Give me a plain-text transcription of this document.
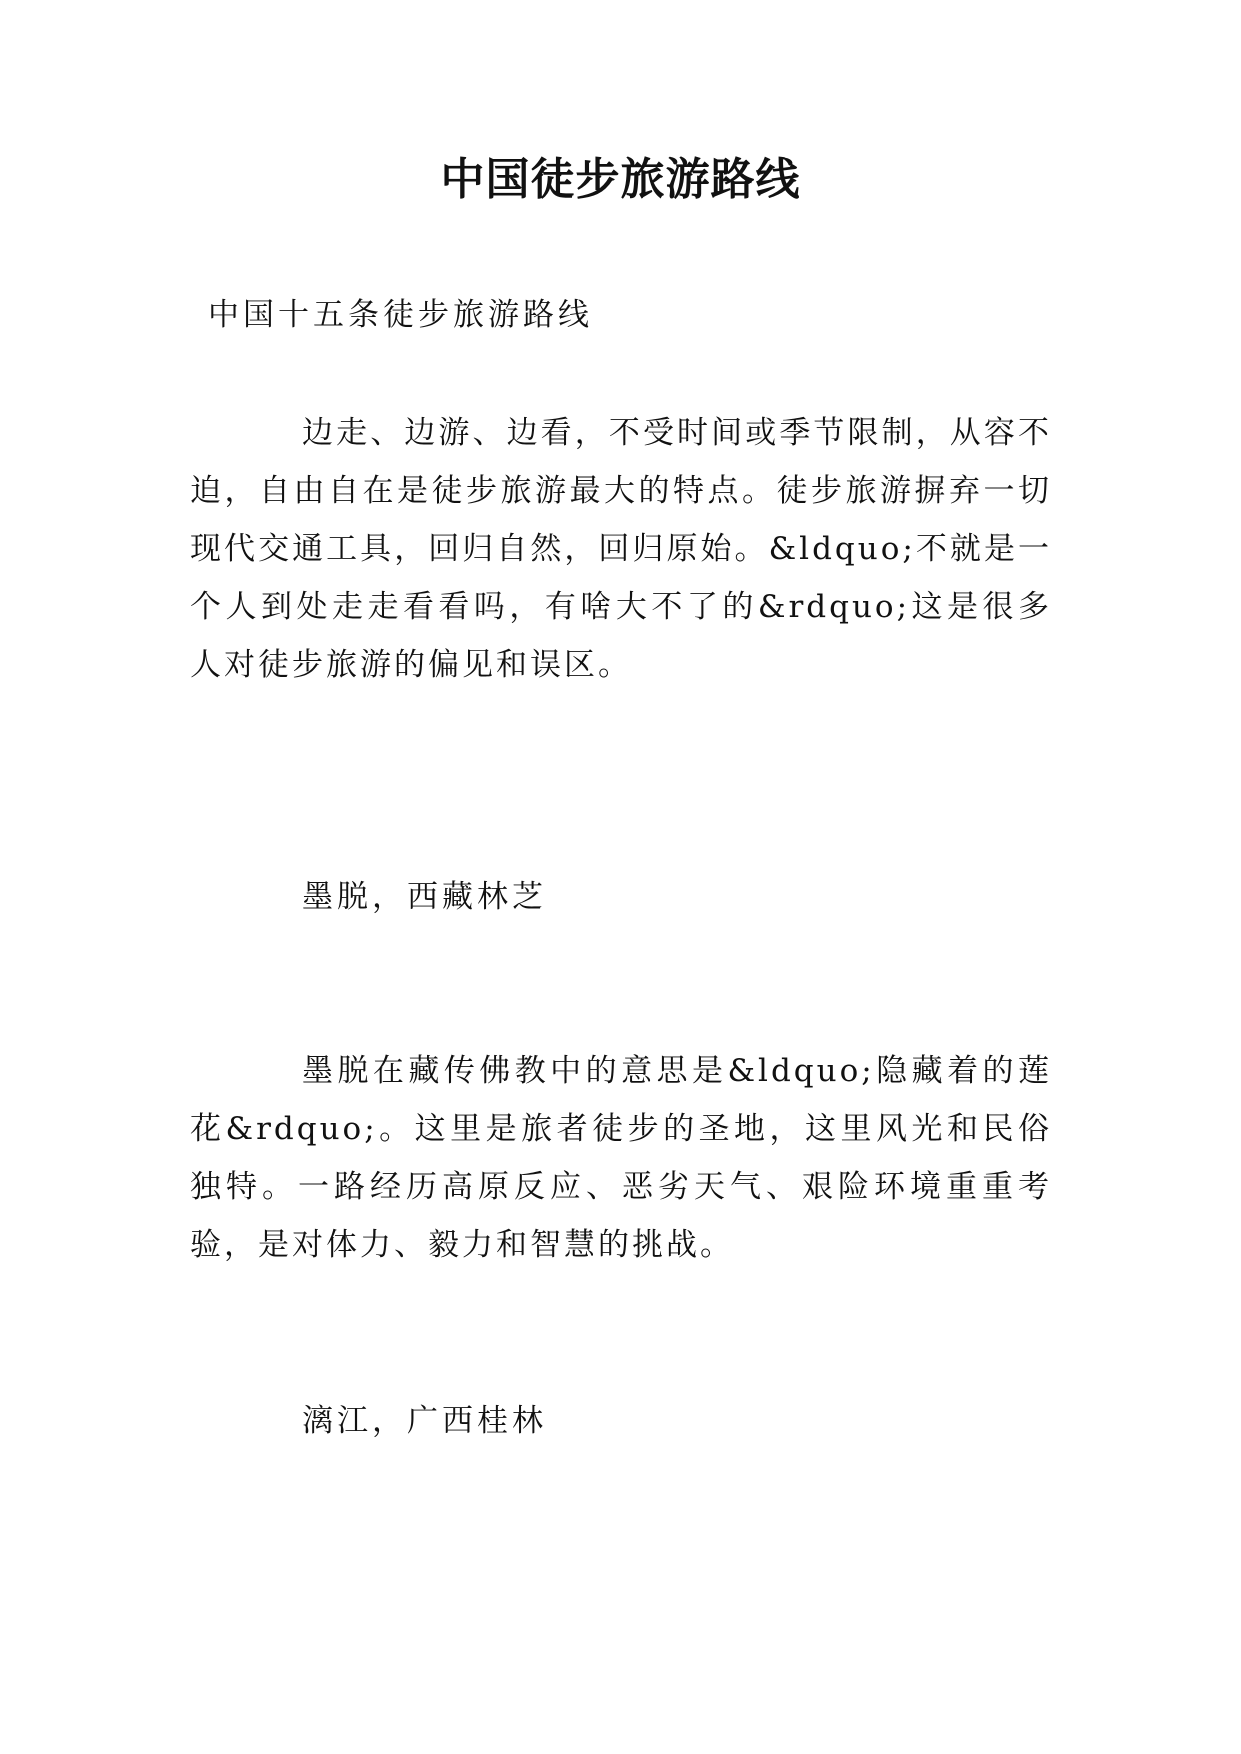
中国徒步旅游路线
中国十五条徒步旅游路线

边走、边游、边看，不受时间或季节限制，从容不迫，自由自在是徒步旅游最大的特点。徒步旅游摒弃一切现代交通工具，回归自然，回归原始。&ldquo;不就是一个人到处走走看看吗，有啥大不了的&rdquo;这是很多人对徒步旅游的偏见和误区。

墨脱，西藏林芝

墨脱在藏传佛教中的意思是&ldquo;隐藏着的莲花&rdquo;。这里是旅者徒步的圣地，这里风光和民俗独特。一路经历高原反应、恶劣天气、艰险环境重重考验，是对体力、毅力和智慧的挑战。

漓江，广西桂林
